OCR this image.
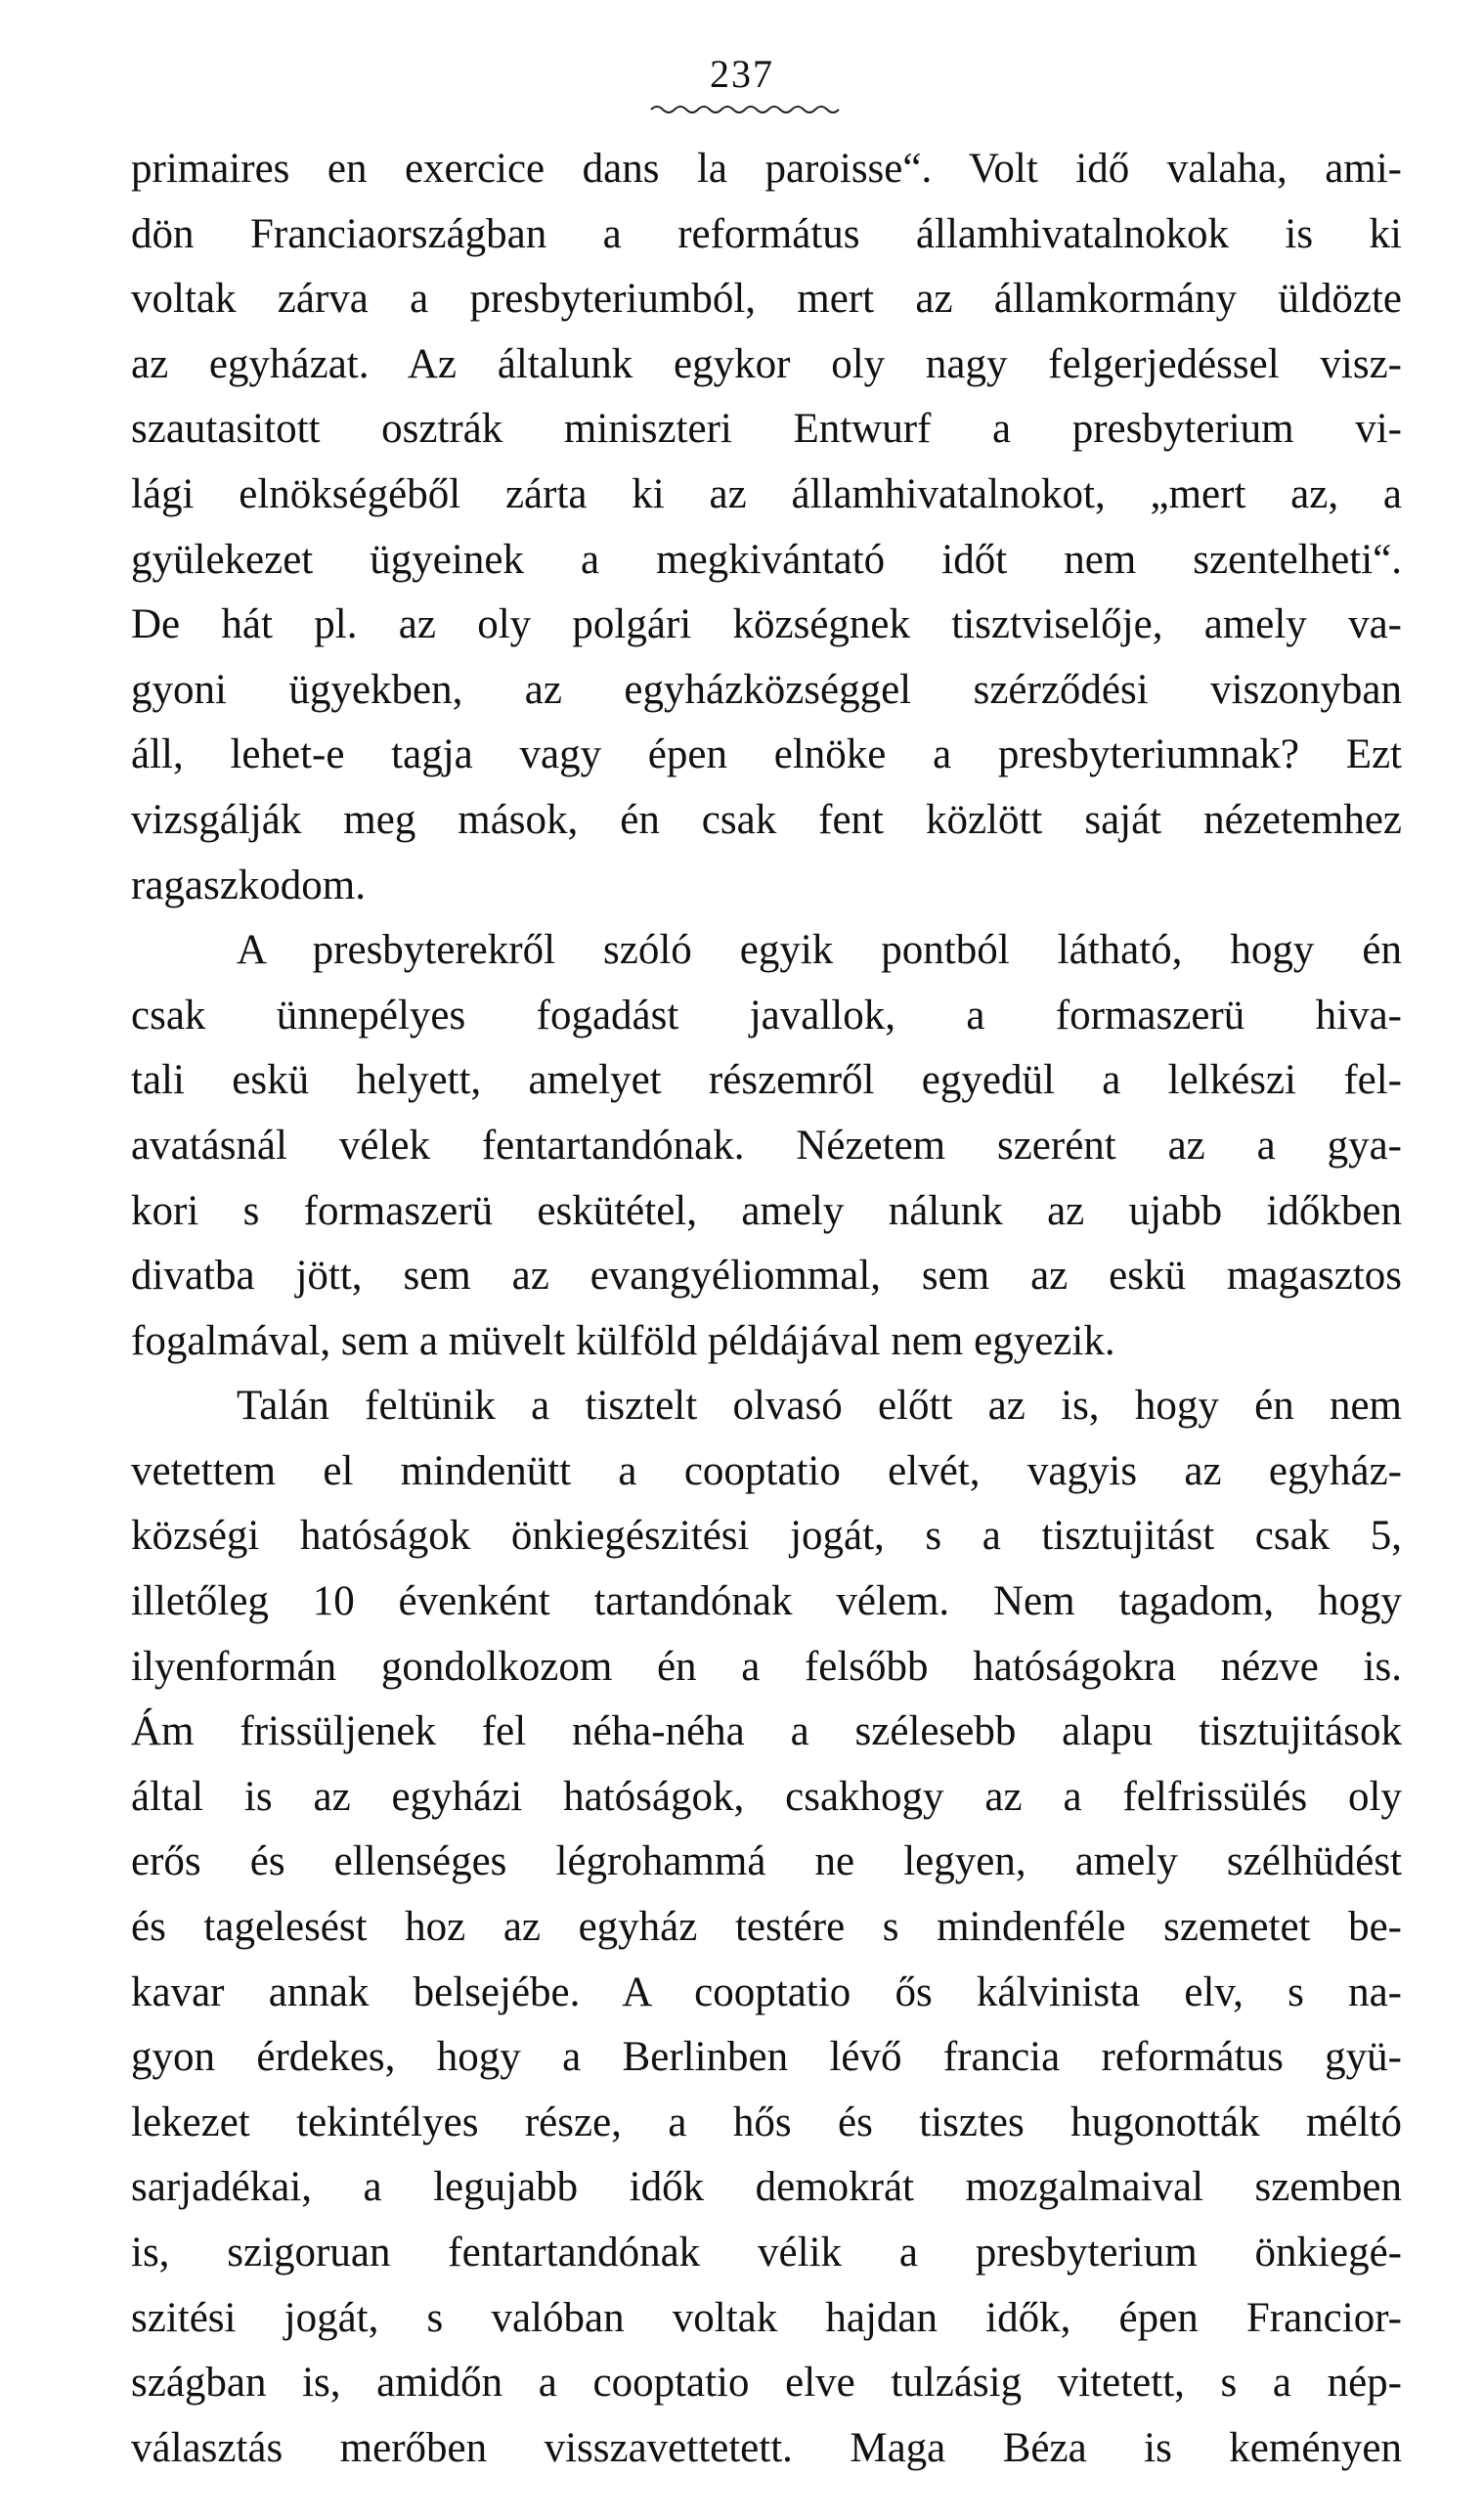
237
primaires en exercice dans la paroisse“. Volt idő valaha, ami-
dön Franciaországban a református államhivatalnokok is ki
voltak zárva a presbyteriumból, mert az államkormány üldözte
az egyházat. Az általunk egykor oly nagy felgerjedéssel visz-
szautasitott osztrák miniszteri Entwurf a presbyterium vi-
lági elnökségéből zárta ki az államhivatalnokot, „mert az, a
gyülekezet ügyeinek a megkivántató időt nem szentelheti“.
De hát pl. az oly polgári községnek tisztviselője, amely va-
gyoni ügyekben, az egyházközséggel szérződési viszonyban
áll, lehet-e tagja vagy épen elnöke a presbyteriumnak? Ezt
vizsgálják meg mások, én csak fent közlött saját nézetemhez
ragaszkodom.
A presbyterekről szóló egyik pontból látható, hogy én
csak ünnepélyes fogadást javallok, a formaszerü hiva-
tali eskü helyett, amelyet részemről egyedül a lelkészi fel-
avatásnál vélek fentartandónak. Nézetem szerént az a gya-
kori s formaszerü eskütétel, amely nálunk az ujabb időkben
divatba jött, sem az evangyéliommal, sem az eskü magasztos
fogalmával, sem a müvelt külföld példájával nem egyezik.
Talán feltünik a tisztelt olvasó előtt az is, hogy én nem
vetettem el mindenütt a cooptatio elvét, vagyis az egyház-
községi hatóságok önkiegészitési jogát, s a tisztujitást csak 5,
illetőleg 10 évenként tartandónak vélem. Nem tagadom, hogy
ilyenformán gondolkozom én a felsőbb hatóságokra nézve is.
Ám frissüljenek fel néha-néha a szélesebb alapu tisztujitások
által is az egyházi hatóságok, csakhogy az a felfrissülés oly
erős és ellenséges légrohammá ne legyen, amely szélhüdést
és tagelesést hoz az egyház testére s mindenféle szemetet be-
kavar annak belsejébe. A cooptatio ős kálvinista elv, s na-
gyon érdekes, hogy a Berlinben lévő francia református gyü-
lekezet tekintélyes része, a hős és tisztes hugonották méltó
sarjadékai, a legujabb idők demokrát mozgalmaival szemben
is, szigoruan fentartandónak vélik a presbyterium önkiegé-
szitési jogát, s valóban voltak hajdan idők, épen Francior-
szágban is, amidőn a cooptatio elve tulzásig vitetett, s a nép-
választás merőben visszavettetett. Maga Béza is keményen
